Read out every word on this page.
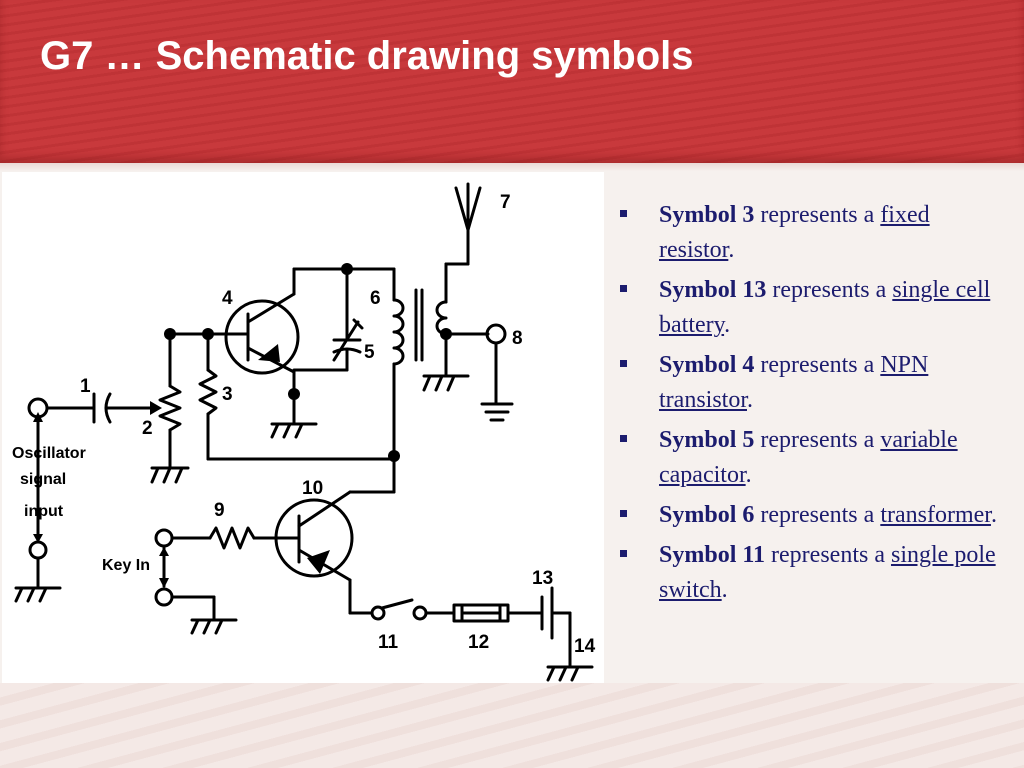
G7 … Schematic drawing symbols
1
2
3
4
5
6
7
8
9
10
11	12
13
14
Oscillator
signal
input
Key In
Symbol 3 represents a fixed resistor.
Symbol 13 represents a single cell battery.
Symbol 4 represents a NPN transistor.
Symbol 5 represents a variable capacitor.
Symbol 6 represents a transformer.
Symbol 11 represents a single pole switch.
